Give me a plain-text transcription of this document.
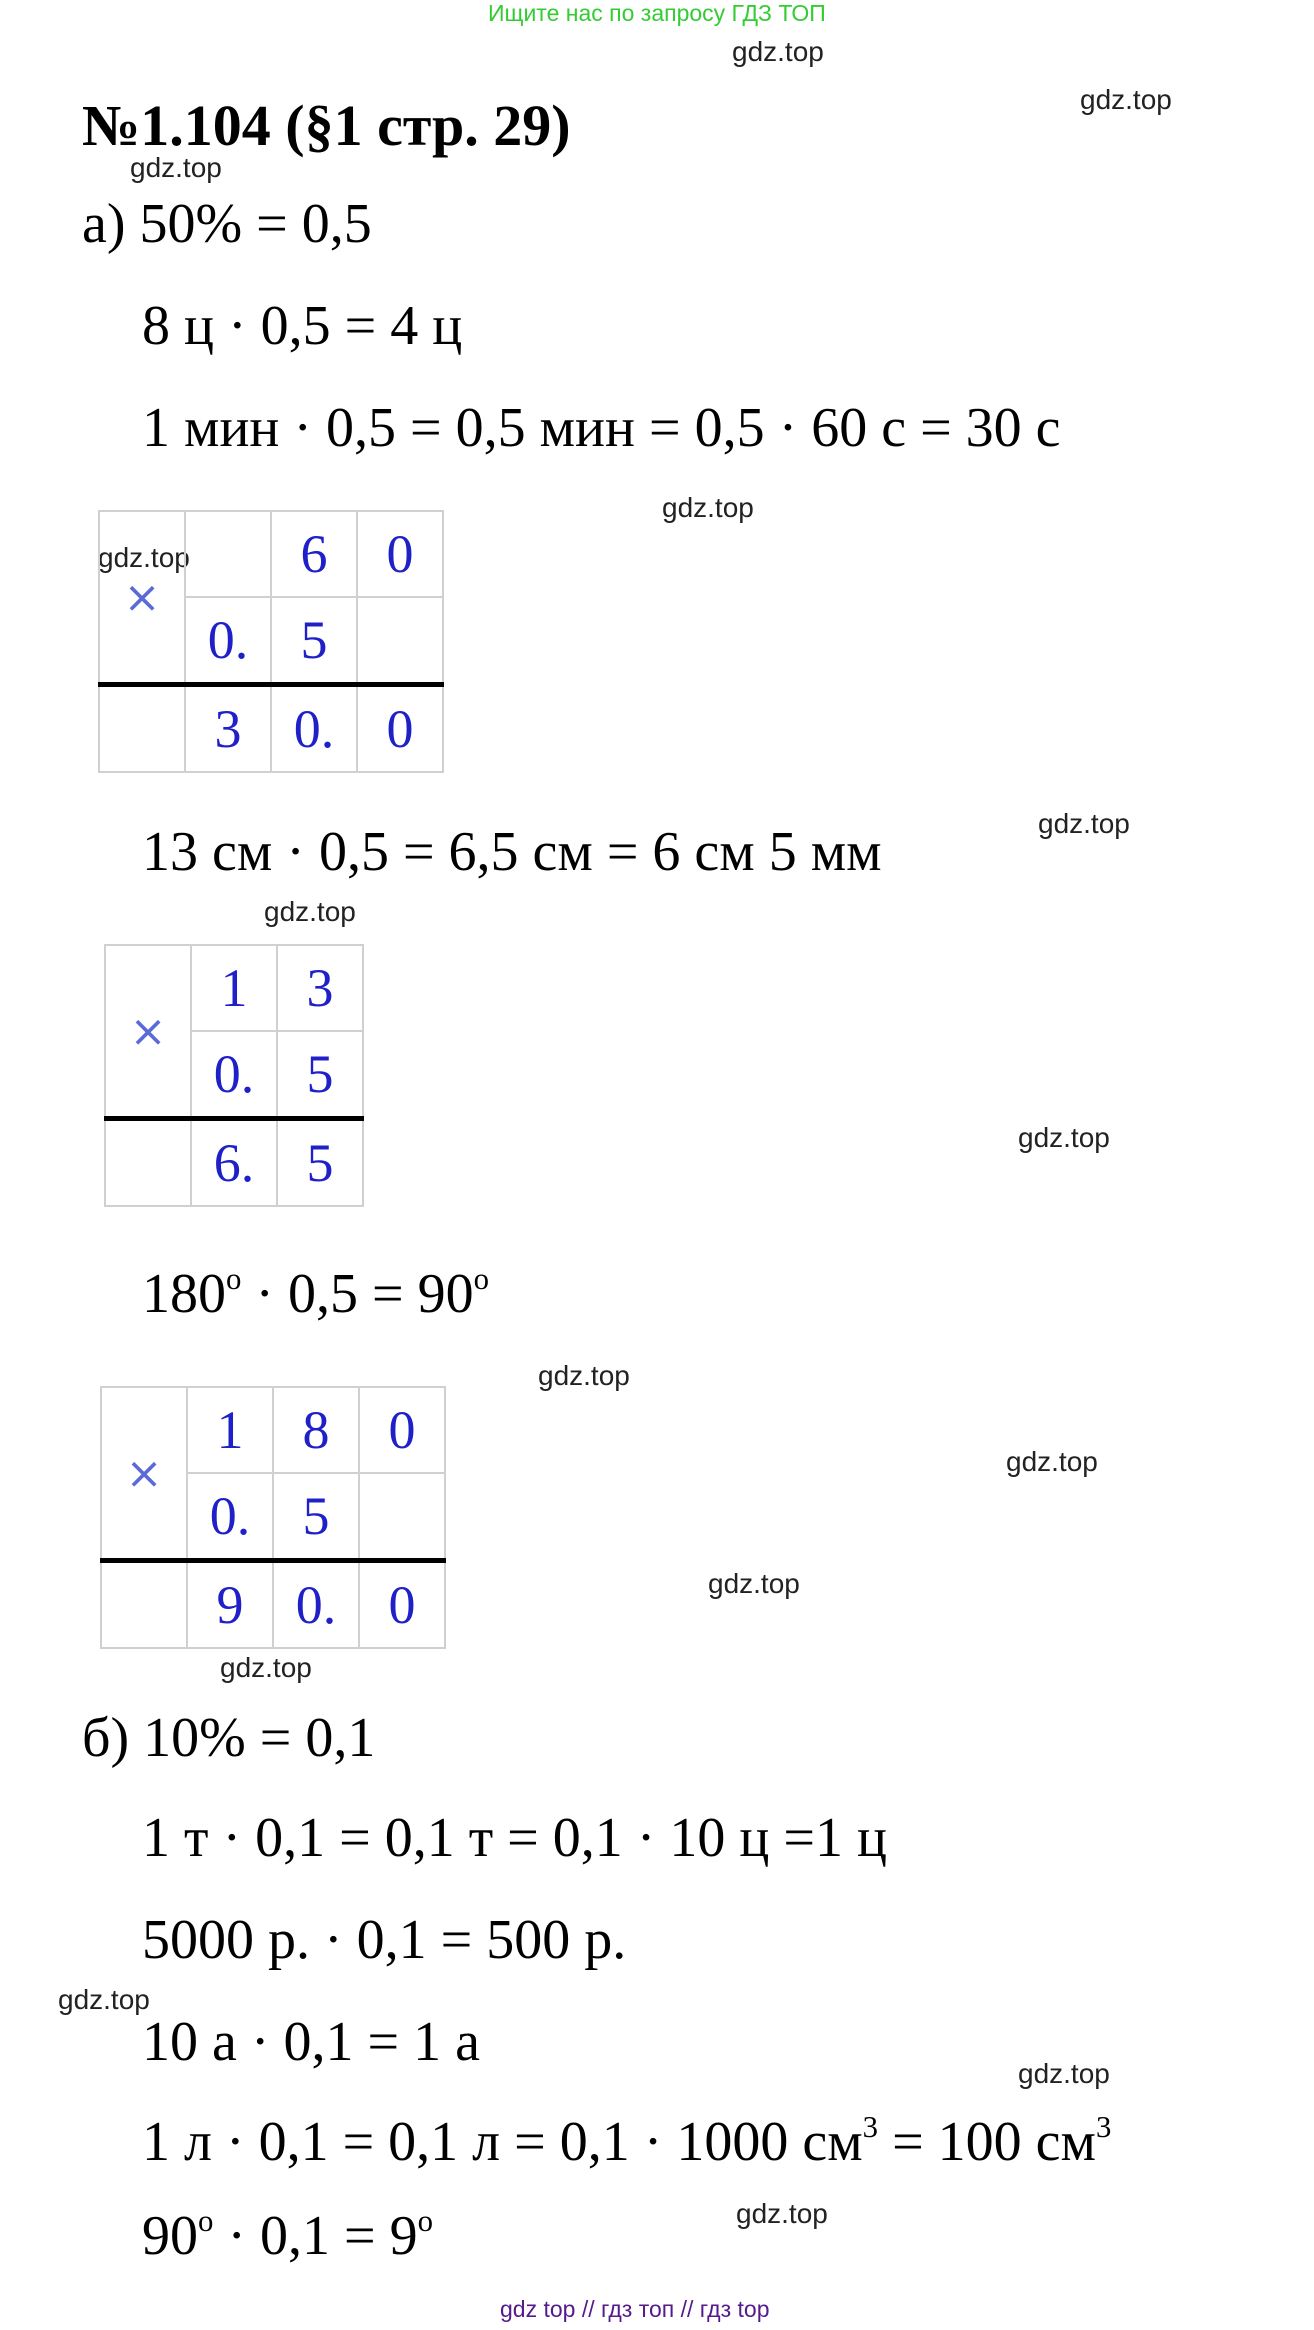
Ищите нас по запросу ГДЗ ТОП
№1.104 (§1 стр. 29)
gdz.top
gdz.top
gdz.top
gdz.top
gdz.top
gdz.top
gdz.top
gdz.top
gdz.top
gdz.top
gdz.top
gdz.top
gdz.top
gdz.top
gdz.top
а) 50% = 0,5
8 ц · 0,5 = 4 ц
1 мин · 0,5 = 0,5 мин = 0,5 · 60 с = 30 с
×		6	0
	0.	5	
	3	0.	0
13 см · 0,5 = 6,5 см = 6 см 5 мм
×	1	3
	0.	5
	6.	5
$180^o \cdot 0,5 = 90^o$
×	1	8	0
	0.	5	
	9	0.	0
б) 10% = 0,1
1 т · 0,1 = 0,1 т = 0,1 · 10 ц =1 ц
5000 р. · 0,1 = 500 р.
10 а · 0,1 = 1 а
1 л · 0,1 = 0,1 л = 0,1 · 1000 $см^3 = 100$ $см^3$
$90^o \cdot 0,1 = 9^o$
gdz top // гдз топ // гдз top
